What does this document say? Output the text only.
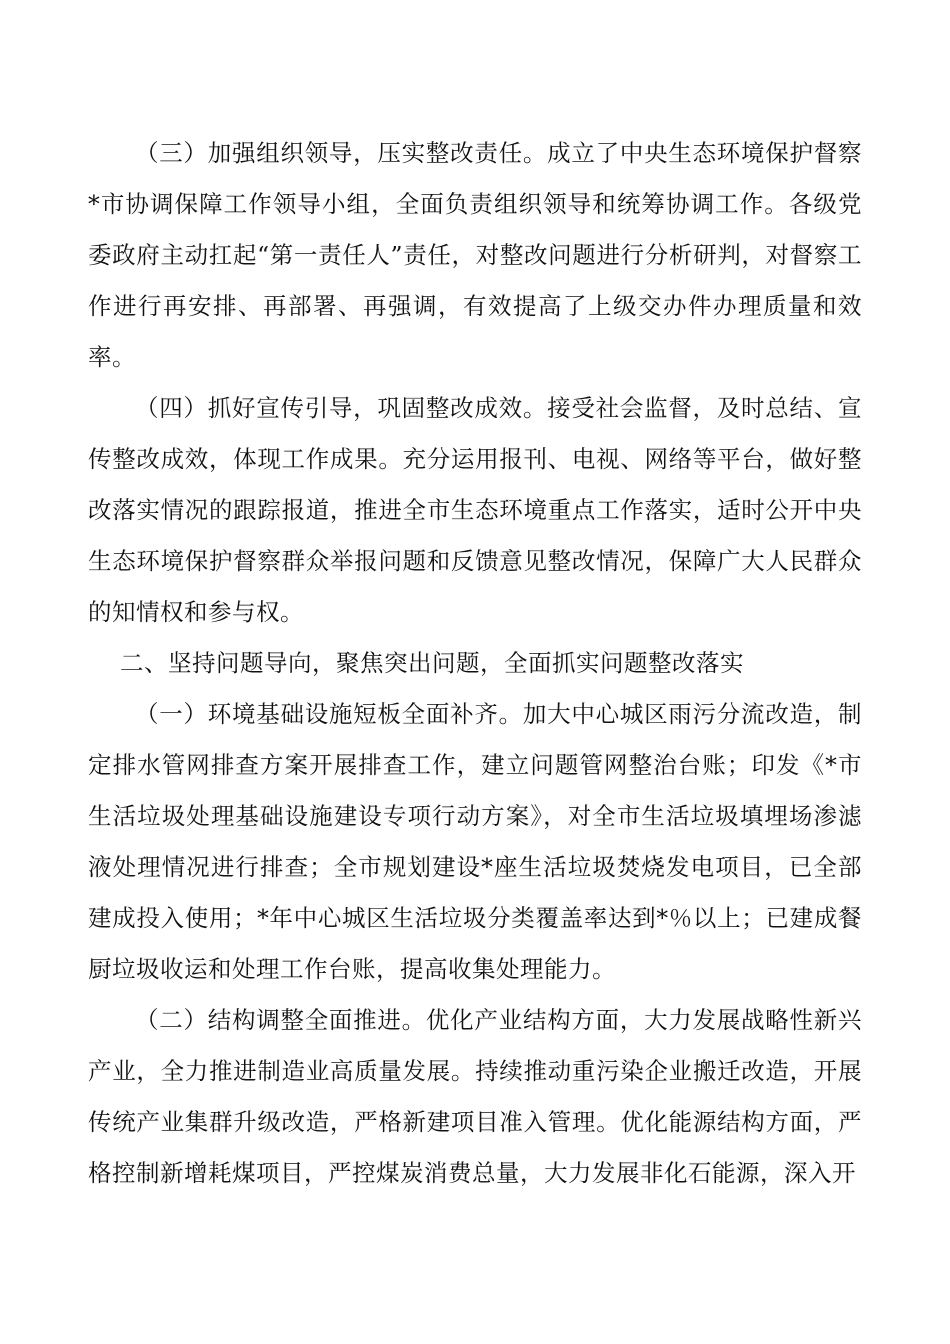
（三）加强组织领导，压实整改责任。成立了中央生态环境保护督察*市协调保障工作领导小组，全面负责组织领导和统筹协调工作。各级党委政府主动扛起“第一责任人”责任，对整改问题进行分析研判，对督察工作进行再安排、再部署、再强调，有效提高了上级交办件办理质量和效率。

（四）抓好宣传引导，巩固整改成效。接受社会监督，及时总结、宣传整改成效，体现工作成果。充分运用报刊、电视、网络等平台，做好整改落实情况的跟踪报道，推进全市生态环境重点工作落实，适时公开中央生态环境保护督察群众举报问题和反馈意见整改情况，保障广大人民群众的知情权和参与权。

二、坚持问题导向，聚焦突出问题，全面抓实问题整改落实

（一）环境基础设施短板全面补齐。加大中心城区雨污分流改造，制定排水管网排查方案开展排查工作，建立问题管网整治台账；印发《*市生活垃圾处理基础设施建设专项行动方案》，对全市生活垃圾填埋场渗滤液处理情况进行排查；全市规划建设*座生活垃圾焚烧发电项目，已全部建成投入使用；*年中心城区生活垃圾分类覆盖率达到*％以上；已建成餐厨垃圾收运和处理工作台账，提高收集处理能力。

（二）结构调整全面推进。优化产业结构方面，大力发展战略性新兴产业，全力推进制造业高质量发展。持续推动重污染企业搬迁改造，开展传统产业集群升级改造，严格新建项目准入管理。优化能源结构方面，严格控制新增耗煤项目，严控煤炭消费总量，大力发展非化石能源，深入开
